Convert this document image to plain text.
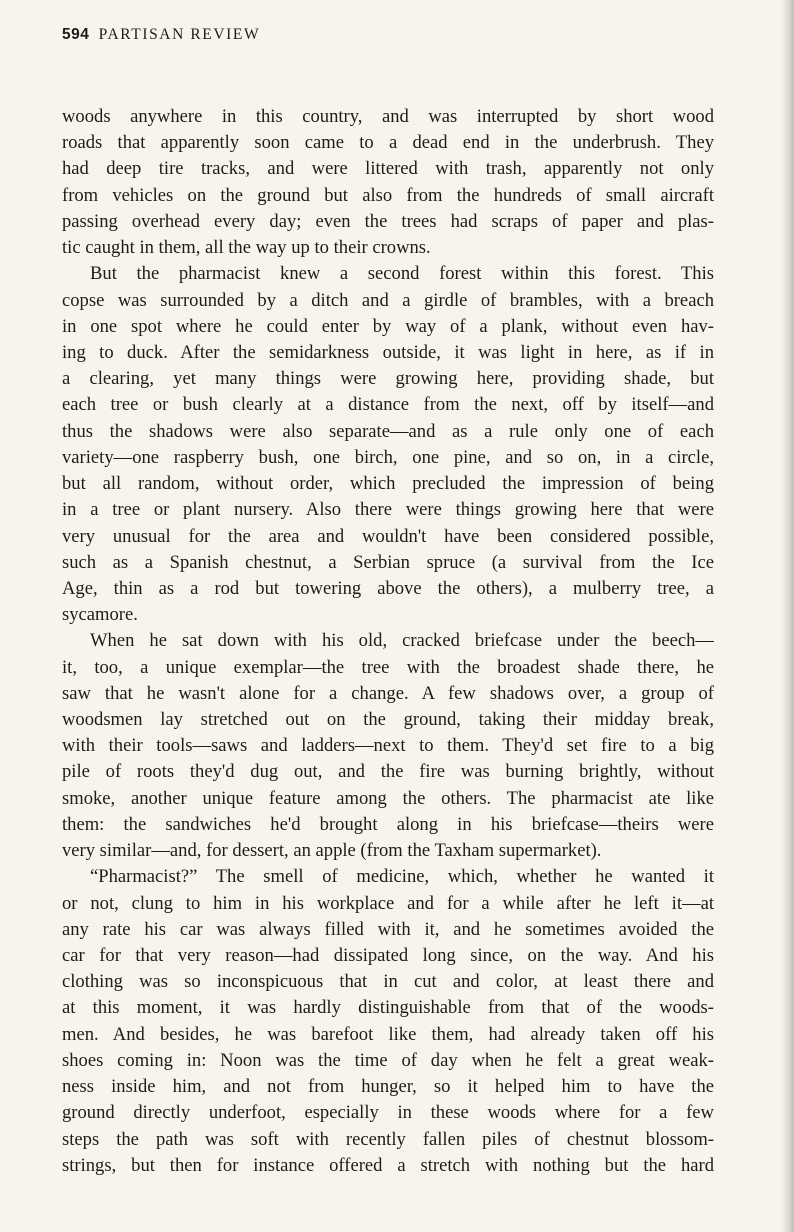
594 PARTISAN REVIEW
woods anywhere in this country, and was interrupted by short wood
roads that apparently soon came to a dead end in the underbrush. They
had deep tire tracks, and were littered with trash, apparently not only
from vehicles on the ground but also from the hundreds of small aircraft
passing overhead every day; even the trees had scraps of paper and plas-
tic caught in them, all the way up to their crowns.
But the pharmacist knew a second forest within this forest. This
copse was surrounded by a ditch and a girdle of brambles, with a breach
in one spot where he could enter by way of a plank, without even hav-
ing to duck. After the semidarkness outside, it was light in here, as if in
a clearing, yet many things were growing here, providing shade, but
each tree or bush clearly at a distance from the next, off by itself—and
thus the shadows were also separate—and as a rule only one of each
variety—one raspberry bush, one birch, one pine, and so on, in a circle,
but all random, without order, which precluded the impression of being
in a tree or plant nursery. Also there were things growing here that were
very unusual for the area and wouldn't have been considered possible,
such as a Spanish chestnut, a Serbian spruce (a survival from the Ice
Age, thin as a rod but towering above the others), a mulberry tree, a
sycamore.
When he sat down with his old, cracked briefcase under the beech—
it, too, a unique exemplar—the tree with the broadest shade there, he
saw that he wasn't alone for a change. A few shadows over, a group of
woodsmen lay stretched out on the ground, taking their midday break,
with their tools—saws and ladders—next to them. They'd set fire to a big
pile of roots they'd dug out, and the fire was burning brightly, without
smoke, another unique feature among the others. The pharmacist ate like
them: the sandwiches he'd brought along in his briefcase—theirs were
very similar—and, for dessert, an apple (from the Taxham supermarket).
“Pharmacist?” The smell of medicine, which, whether he wanted it
or not, clung to him in his workplace and for a while after he left it—at
any rate his car was always filled with it, and he sometimes avoided the
car for that very reason—had dissipated long since, on the way. And his
clothing was so inconspicuous that in cut and color, at least there and
at this moment, it was hardly distinguishable from that of the woods-
men. And besides, he was barefoot like them, had already taken off his
shoes coming in: Noon was the time of day when he felt a great weak-
ness inside him, and not from hunger, so it helped him to have the
ground directly underfoot, especially in these woods where for a few
steps the path was soft with recently fallen piles of chestnut blossom-
strings, but then for instance offered a stretch with nothing but the hard
